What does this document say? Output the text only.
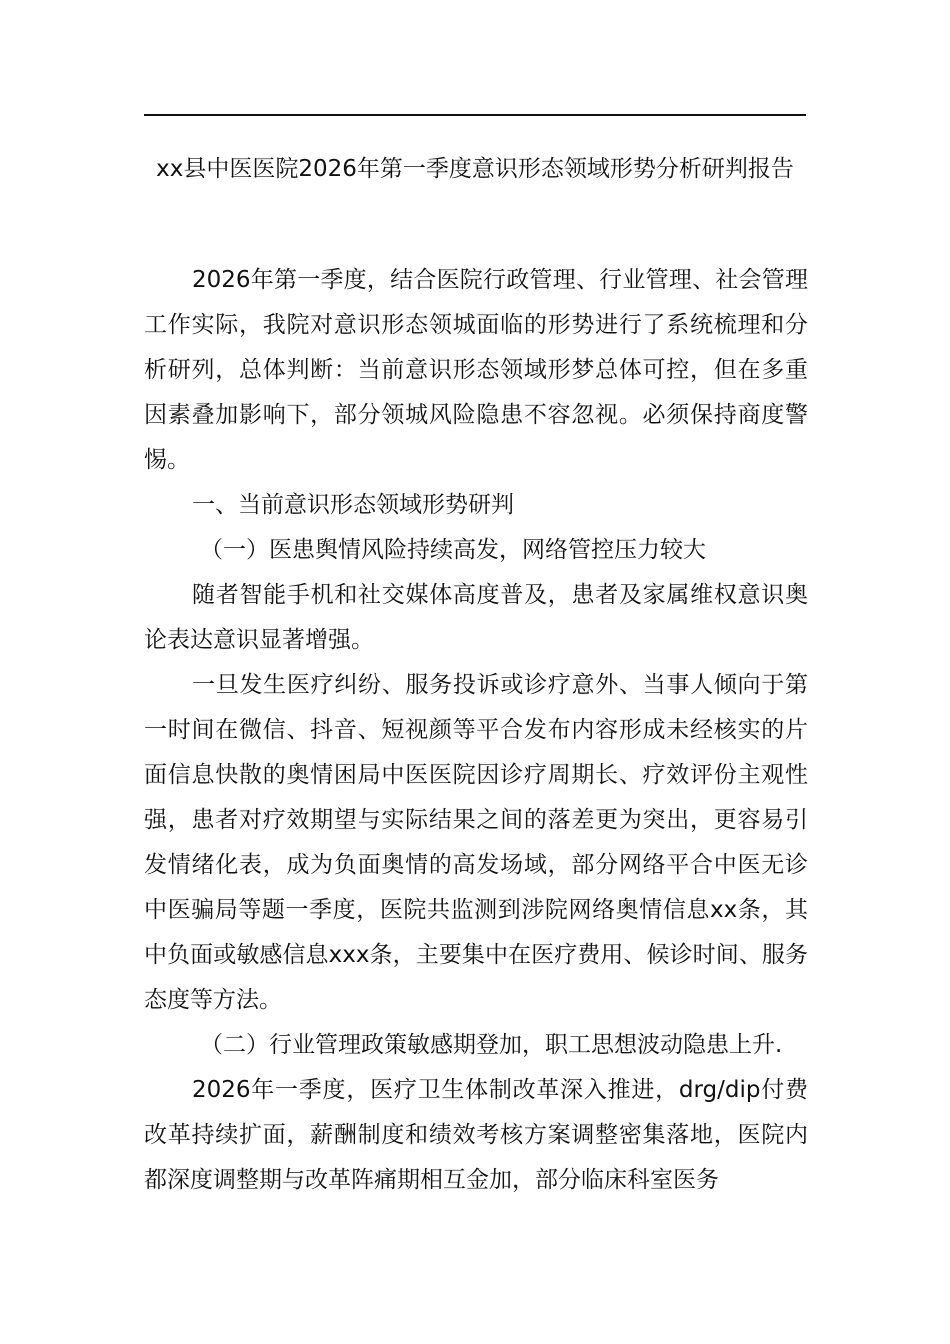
xx县中医医院2026年第一季度意识形态领域形势分析研判报告

2026年第一季度，结合医院行政管理、行业管理、社会管理工作实际，我院对意识形态领城面临的形势进行了系统梳理和分析研列，总体判断：当前意识形态领域形梦总体可控，但在多重因素叠加影响下，部分领城风险隐患不容忽视。必须保持商度警惕。

一、当前意识形态领域形势研判

（一）医患舆情风险持续高发，网络管控压力较大

随者智能手机和社交媒体高度普及，患者及家属维权意识奥论表达意识显著增强。

一旦发生医疗纠纷、服务投诉或诊疗意外、当事人倾向于第一时间在微信、抖音、短视颜等平合发布内容形成未经核实的片面信息快散的奥情困局中医医院因诊疗周期长、疗效评份主观性强，患者对疗效期望与实际结果之间的落差更为突出，更容易引发情绪化表，成为负面奥情的高发场域，部分网络平合中医无诊中医骗局等题一季度，医院共监测到涉院网络奥情信息xx条，其中负面或敏感信息xxx条，主要集中在医疗费用、候诊时间、服务态度等方法。

（二）行业管理政策敏感期登加，职工思想波动隐患上升.

2026年一季度，医疗卫生体制改革深入推进，drg/dip付费改革持续扩面，薪酬制度和绩效考核方案调整密集落地，医院内都深度调整期与改革阵痛期相互金加，部分临床科室医务
